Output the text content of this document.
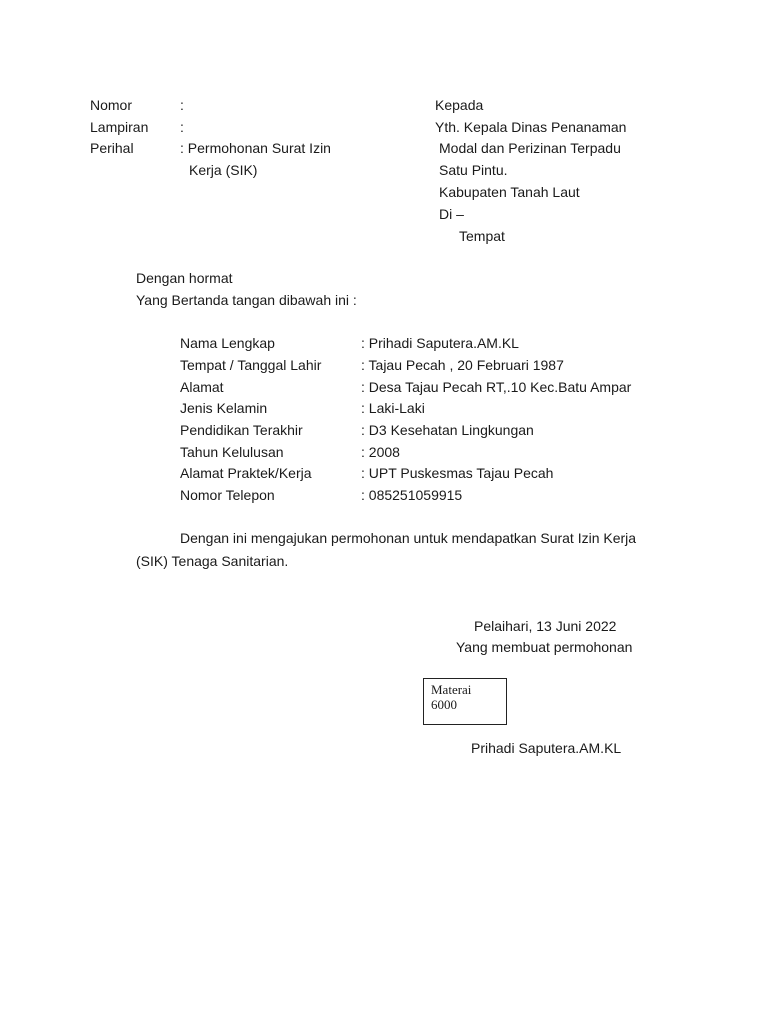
Nomor	:
Lampiran :
Perihal	: Permohonan Surat Izin
Kerja (SIK)
Kepada
Yth. Kepala Dinas Penanaman
Modal dan Perizinan Terpadu
Satu Pintu.
Kabupaten Tanah Laut
Di –
Tempat
Dengan hormat
Yang Bertanda tangan dibawah ini :
Nama Lengkap	: Prihadi Saputera.AM.KL
Tempat / Tanggal Lahir	: Tajau Pecah , 20 Februari 1987
Alamat	: Desa Tajau Pecah RT,.10 Kec.Batu Ampar
Jenis Kelamin	: Laki-Laki
Pendidikan Terakhir	: D3 Kesehatan Lingkungan
Tahun Kelulusan	: 2008
Alamat Praktek/Kerja	: UPT Puskesmas Tajau Pecah
Nomor Telepon	: 085251059915
Dengan ini mengajukan permohonan untuk mendapatkan Surat Izin Kerja
(SIK) Tenaga Sanitarian.
Pelaihari, 13 Juni 2022
Yang membuat permohonan
Materai
6000
Prihadi Saputera.AM.KL
